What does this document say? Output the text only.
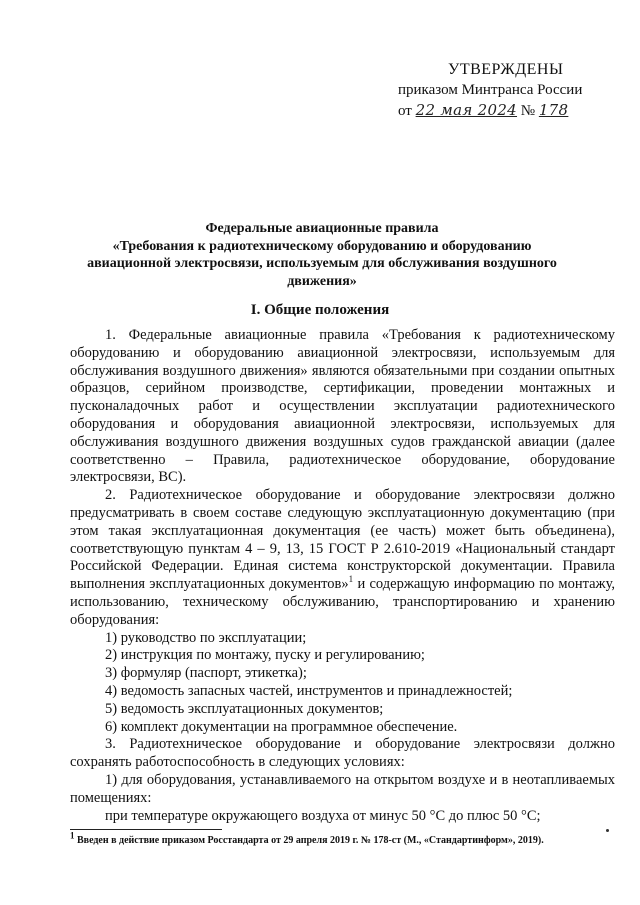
УТВЕРЖДЕНЫ
приказом Минтранса России
от 22 мая 2024 № 178
Федеральные авиационные правила
«Требования к радиотехническому оборудованию и оборудованию авиационной электросвязи, используемым для обслуживания воздушного движения»
I. Общие положения

1. Федеральные авиационные правила «Требования к радиотехническому оборудованию и оборудованию авиационной электросвязи, используемым для обслуживания воздушного движения» являются обязательными при создании опытных образцов, серийном производстве, сертификации, проведении монтажных и пусконаладочных работ и осуществлении эксплуатации радиотехнического оборудования и оборудования авиационной электросвязи, используемых для обслуживания воздушного движения воздушных судов гражданской авиации (далее соответственно – Правила, радиотехническое оборудование, оборудование электросвязи, ВС).

2. Радиотехническое оборудование и оборудование электросвязи должно предусматривать в своем составе следующую эксплуатационную документацию (при этом такая эксплуатационная документация (ее часть) может быть объединена), соответствующую пунктам 4 – 9, 13, 15 ГОСТ Р 2.610-2019 «Национальный стандарт Российской Федерации. Единая система конструкторской документации. Правила выполнения эксплуатационных документов»$^1$ и содержащую информацию по монтажу, использованию, техническому обслуживанию, транспортированию и хранению оборудования:

1) руководство по эксплуатации;

2) инструкция по монтажу, пуску и регулированию;

3) формуляр (паспорт, этикетка);

4) ведомость запасных частей, инструментов и принадлежностей;

5) ведомость эксплуатационных документов;

6) комплект документации на программное обеспечение.

3. Радиотехническое оборудование и оборудование электросвязи должно сохранять работоспособность в следующих условиях:

1) для оборудования, устанавливаемого на открытом воздухе и в неотапливаемых помещениях:

при температуре окружающего воздуха от минус 50 °С до плюс 50 °С;

$^1$ Введен в действие приказом Росстандарта от 29 апреля 2019 г. № 178-ст (М., «Стандартинформ», 2019).
